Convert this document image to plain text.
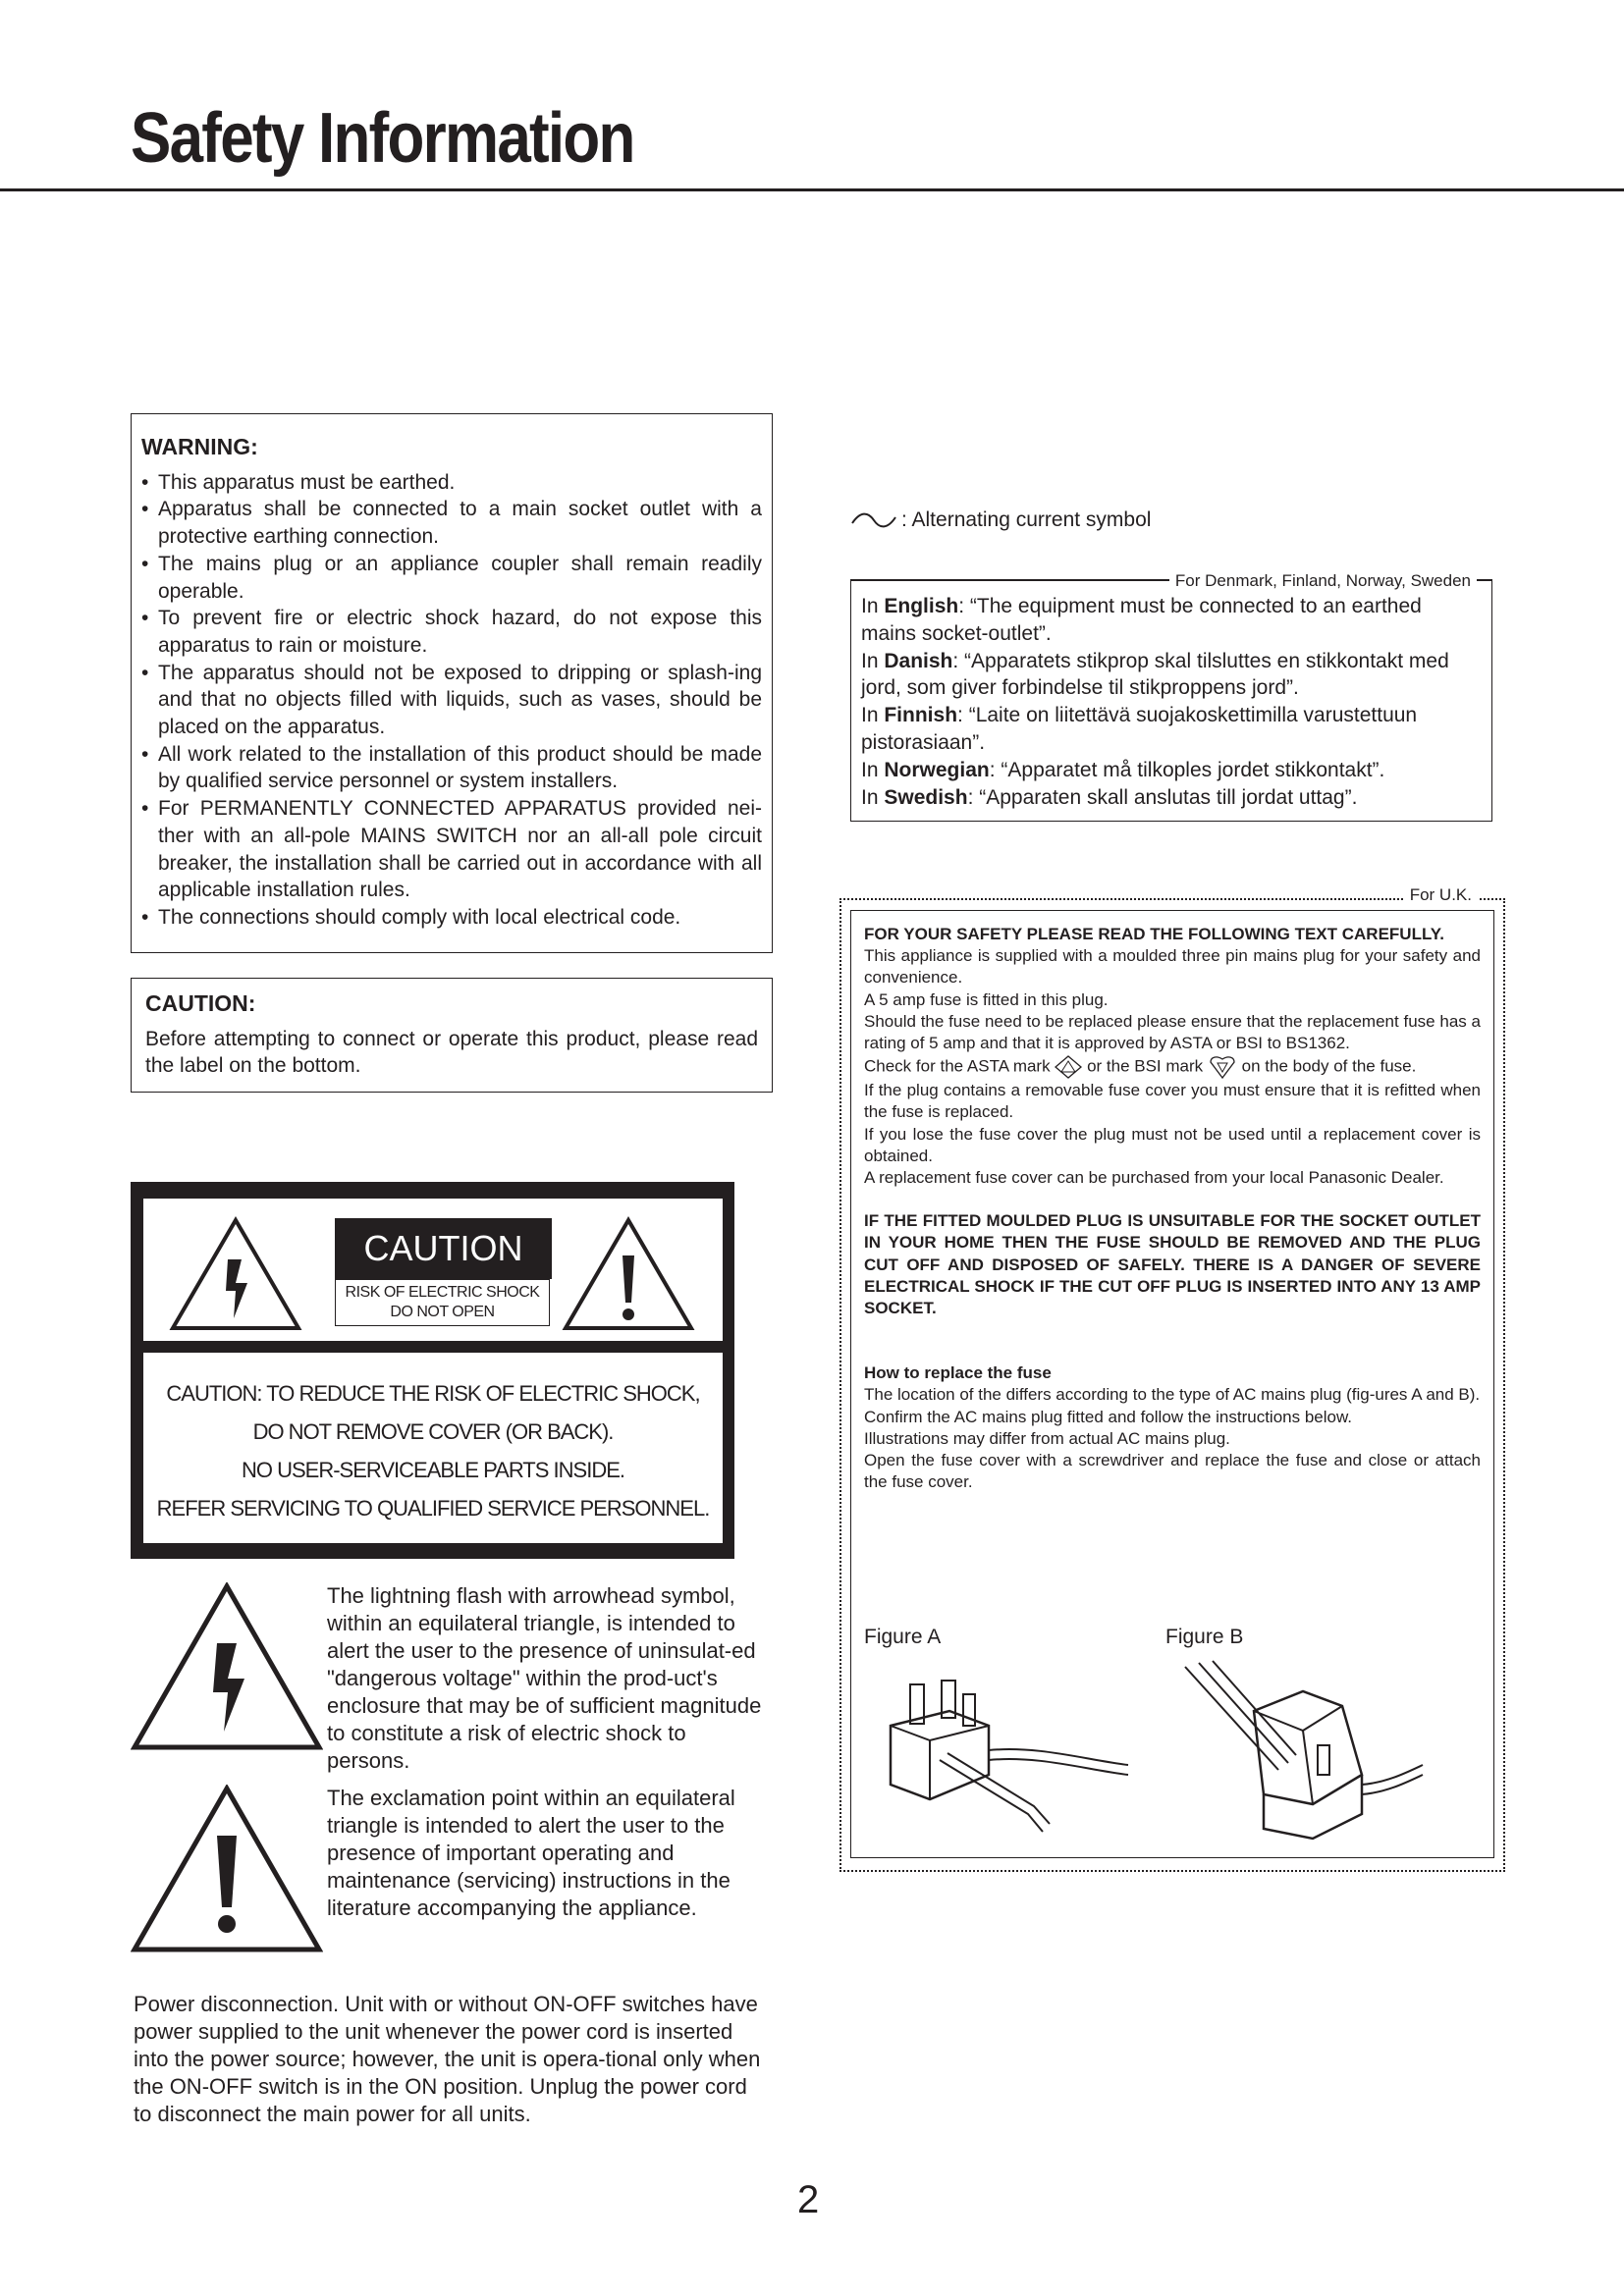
Safety Information
WARNING:
• This apparatus must be earthed.
• Apparatus shall be connected to a main socket outlet with a protective earthing connection.
• The mains plug or an appliance coupler shall remain readily operable.
• To prevent fire or electric shock hazard, do not expose this apparatus to rain or moisture.
• The apparatus should not be exposed to dripping or splash-ing and that no objects filled with liquids, such as vases, should be placed on the apparatus.
• All work related to the installation of this product should be made by qualified service personnel or system installers.
• For PERMANENTLY CONNECTED APPARATUS provided nei-ther with an all-pole MAINS SWITCH nor an all-all pole circuit breaker, the installation shall be carried out in accordance with all applicable installation rules.
• The connections should comply with local electrical code.
CAUTION:

Before attempting to connect or operate this product, please read the label on the bottom.

CAUTION
RISK OF ELECTRIC SHOCK
DO NOT OPEN
CAUTION: TO REDUCE THE RISK OF ELECTRIC SHOCK,
DO NOT REMOVE COVER (OR BACK).
NO USER-SERVICEABLE PARTS INSIDE.
REFER SERVICING TO QUALIFIED SERVICE PERSONNEL.
The lightning flash with arrowhead symbol, within an equilateral triangle, is intended to alert the user to the presence of uninsulat-ed "dangerous voltage" within the prod-uct's enclosure that may be of sufficient magnitude to constitute a risk of electric shock to persons.
The exclamation point within an equilateral triangle is intended to alert the user to the presence of important operating and maintenance (servicing) instructions in the literature accompanying the appliance.
Power disconnection. Unit with or without ON-OFF switches have power supplied to the unit whenever the power cord is inserted into the power source; however, the unit is opera-tional only when the ON-OFF switch is in the ON position. Unplug the power cord to disconnect the main power for all units.
2
: Alternating current symbol
For Denmark, Finland, Norway, Sweden

In English: “The equipment must be connected to an earthed mains socket-outlet”.

In Danish: “Apparatets stikprop skal tilsluttes en stikkontakt med jord, som giver forbindelse til stikproppens jord”.

In Finnish: “Laite on liitettävä suojakoskettimilla varustettuun pistorasiaan”.

In Norwegian: “Apparatet må tilkoples jordet stikkontakt”.

In Swedish: “Apparaten skall anslutas till jordat uttag”.

For U.K.

FOR YOUR SAFETY PLEASE READ THE FOLLOWING TEXT CAREFULLY.

This appliance is supplied with a moulded three pin mains plug for your safety and convenience.

A 5 amp fuse is fitted in this plug.

Should the fuse need to be replaced please ensure that the replacement fuse has a rating of 5 amp and that it is approved by ASTA or BSI to BS1362.

Check for the ASTA mark or the BSI mark on the body of the fuse.

If the plug contains a removable fuse cover you must ensure that it is refitted when the fuse is replaced.

If you lose the fuse cover the plug must not be used until a replacement cover is obtained.

A replacement fuse cover can be purchased from your local Panasonic Dealer.

IF THE FITTED MOULDED PLUG IS UNSUITABLE FOR THE SOCKET OUTLET IN YOUR HOME THEN THE FUSE SHOULD BE REMOVED AND THE PLUG CUT OFF AND DISPOSED OF SAFELY. THERE IS A DANGER OF SEVERE ELECTRICAL SHOCK IF THE CUT OFF PLUG IS INSERTED INTO ANY 13 AMP SOCKET.

How to replace the fuse

The location of the differs according to the type of AC mains plug (fig-ures A and B).

Confirm the AC mains plug fitted and follow the instructions below.

Illustrations may differ from actual AC mains plug.

Open the fuse cover with a screwdriver and replace the fuse and close or attach the fuse cover.

Figure A	Figure B
